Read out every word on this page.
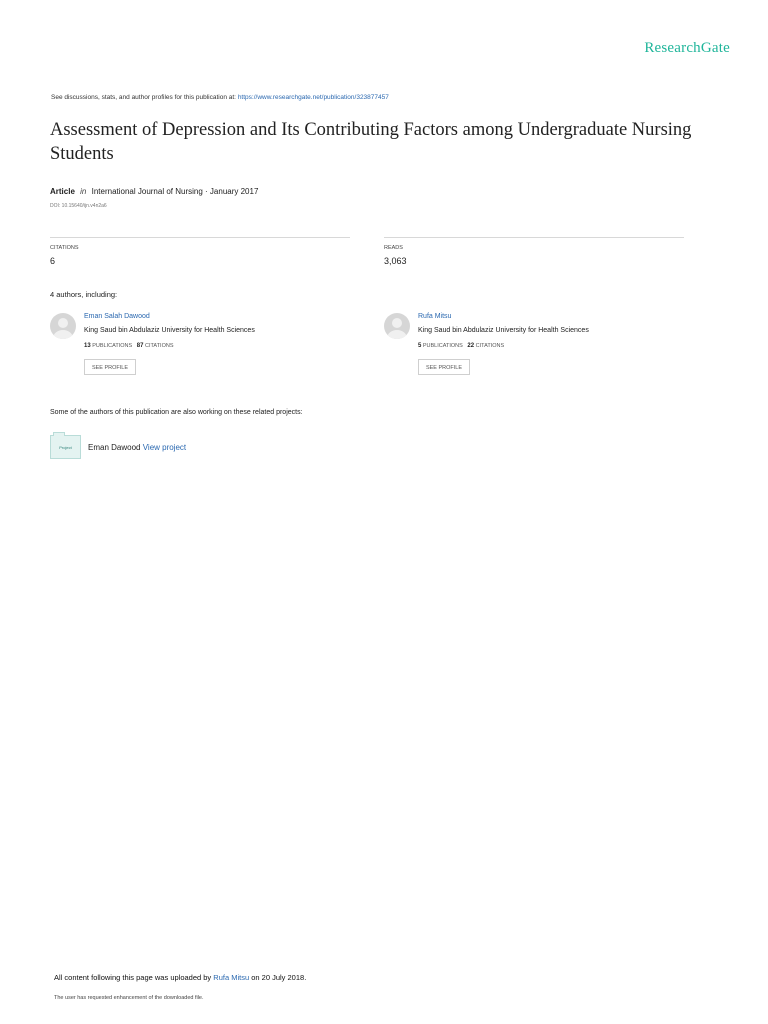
ResearchGate
See discussions, stats, and author profiles for this publication at: https://www.researchgate.net/publication/323877457
Assessment of Depression and Its Contributing Factors among Undergraduate Nursing Students
Article in International Journal of Nursing · January 2017
DOI: 10.15640/ijn.v4n2a6
CITATIONS
6
READS
3,063
4 authors, including:
Eman Salah Dawood
King Saud bin Abdulaziz University for Health Sciences
13 PUBLICATIONS 87 CITATIONS
SEE PROFILE
Rufa Mitsu
King Saud bin Abdulaziz University for Health Sciences
5 PUBLICATIONS 22 CITATIONS
SEE PROFILE
Some of the authors of this publication are also working on these related projects:
Project	Eman Dawood View project
All content following this page was uploaded by Rufa Mitsu on 20 July 2018.
The user has requested enhancement of the downloaded file.
